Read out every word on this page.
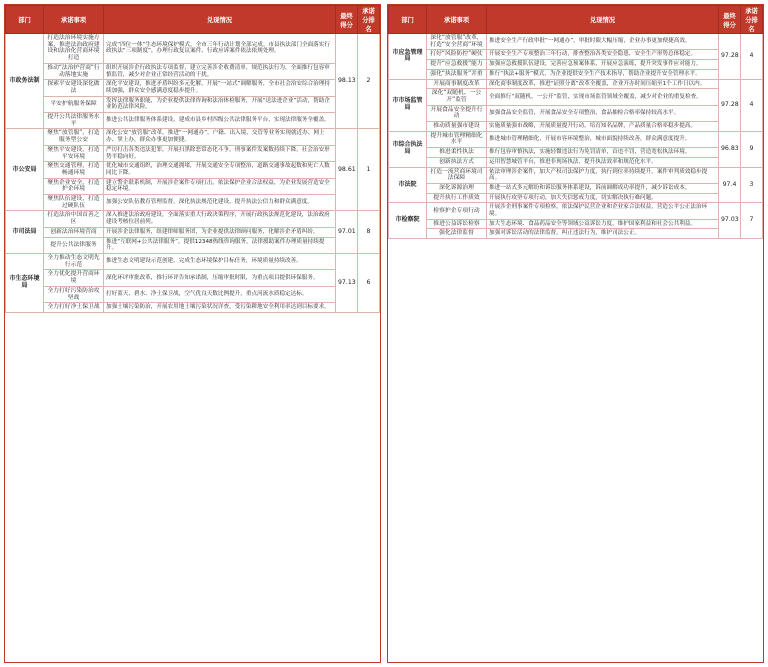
部门	承诺事项	兑现情况	最终得分	承诺分排名
市政务法制	打造法治环境实施方案，推进法治政府建设和法治化营商环境打造	完成“四位一体”生态环境保护模式，全市三年行动计划全部完成。市县执法部门全面落实行政执法“三项制度”，办理行政复议案件、行政应诉案件依法依规处理。	98.13	2
	推动“法治护营商”行动落地实施	组织开展涉企行政执法专项监督，建立完善涉企收费清单，规范执法行为，全面推行包容审慎监管，减少对企业正常经营活动的干扰。		
	探索平安建设深化做法	深化平安建设，推进矛盾纠纷多元化解，开展“一站式”调解服务，全市社会治安综合治理持续加强，群众安全感满意度稳步提升。		
	平安护航服务保障	发挥法律服务职能，为企业提供法律咨询和法治体检服务，开展“送法进企业”活动，帮助企业防范法律风险。		
	提升公共法律服务水平	推进公共法律服务体系建设，建成市县乡村四级公共法律服务平台，实现法律服务全覆盖。		
市公安局	聚焦“放管服”，打造服务型公安	深化公安“放管服”改革，推进“一网通办”，户籍、出入境、交管等业务实现就近办、网上办、掌上办，群众办事更加便捷。	98.61	1
	聚焦平安建设，打造平安环境	严厉打击各类违法犯罪，开展扫黑除恶常态化斗争，刑事案件发案数持续下降，社会治安形势平稳向好。		
	聚焦交通管理，打造畅通环境	优化城市交通组织，治理交通拥堵，开展交通安全专项整治，道路交通事故起数和死亡人数同比下降。		
	聚焦企业安全，打造护企环境	建立警企联系机制，开展涉企案件专项打击，依法保护企业合法权益，为企业发展营造安全稳定环境。		
	聚焦队伍建设，打造过硬队伍	加强公安队伍教育管理监督，深化执法规范化建设，提升执法公信力和群众满意度。		
市司法局	打造法治中国首善之区	深入推进法治政府建设，全面落实重大行政决策程序，开展行政执法规范化建设，法治政府建设考核位居前列。	97.01	8
	创新法治环境营商	开展涉企法律服务，组建律师服务团，为企业提供法律顾问服务，化解涉企矛盾纠纷。		
	提升公共法律服务	推进“互联网+公共法律服务”，提供12348热线咨询服务，法律援助案件办理质量持续提升。		
市生态环境局	全力推动生态文明先行示范	推进生态文明建设示范创建，完成生态环境保护目标任务，环境质量持续改善。	97.13	6
	全力优化提升营商环境	深化环评审批改革，推行环评告知承诺制，压缩审批时限，为重点项目提供环保服务。		
	全力打好污染防治攻坚战	打好蓝天、碧水、净土保卫战，空气优良天数比例提升，重点河流水质稳定达标。		
	全力打好净土保卫战	加强土壤污染防治，开展农用地土壤污染状况详查，受污染耕地安全利用率达到目标要求。		
部门	承诺事项	兑现情况	最终得分	承诺分排名
市应急管理局	深化“放管服”改革，打造“安全营商”环境	推进安全生产行政审批“一网通办”，审批时限大幅压缩，企业办事更加便捷高效。	97.28	4
	打好“风险防控”硬仗	开展安全生产专项整治三年行动，排查整治各类安全隐患，安全生产形势总体稳定。		
	提升“应急救援”能力	加强应急救援队伍建设，完善应急预案体系，开展应急演练，提升突发事件应对能力。		
	强化“执法服务”并重	推行“执法+服务”模式，为企业提供安全生产技术指导，帮助企业提升安全管理水平。		
市市场监管局	开展商事制度改革	深化商事制度改革，推进“证照分离”改革全覆盖，企业开办时间压缩至1个工作日以内。	97.28	4
	深化“双随机、一公开”监管	全面推行“双随机、一公开”监管，实现市场监管领域全覆盖，减少对企业的重复检查。		
	开展食品安全提升行动	加强食品安全监管，开展食品安全专项整治，食品抽检合格率保持较高水平。		
	推动质量强市建设	实施质量强市战略，开展质量提升行动，培育知名品牌，产品质量合格率稳步提高。		
市综合执法局	提升城市管理精细化水平	推进城市管理精细化，开展市容环境整治，城市面貌持续改善，群众满意度提升。	96.83	9
	推进柔性执法	推行包容审慎执法，实施轻微违法行为免罚清单，首违不罚，营造宽松执法环境。		
	创新执法方式	运用智慧城管平台，推进非现场执法，提升执法效率和规范化水平。		
市法院	打造一流营商环境司法保障	依法审理涉企案件，加大产权司法保护力度，执行到位率持续提升，案件审判质效稳步提高。	97.4	3
	深化诉源治理	推进一站式多元解纷和诉讼服务体系建设，诉前调解成功率提升，减少诉讼成本。		
	提升执行工作质效	开展执行攻坚专项行动，加大失信惩戒力度，切实解决执行难问题。		
市检察院	检察护企专项行动	开展涉企刑事案件专项检察，依法保护民营企业和企业家合法权益，营造公平公正法治环境。	97.03	7
	推进公益诉讼检察	加大生态环境、食品药品安全等领域公益诉讼力度，维护国家利益和社会公共利益。		
	强化法律监督	加强对诉讼活动的法律监督，纠正违法行为，维护司法公正。		
